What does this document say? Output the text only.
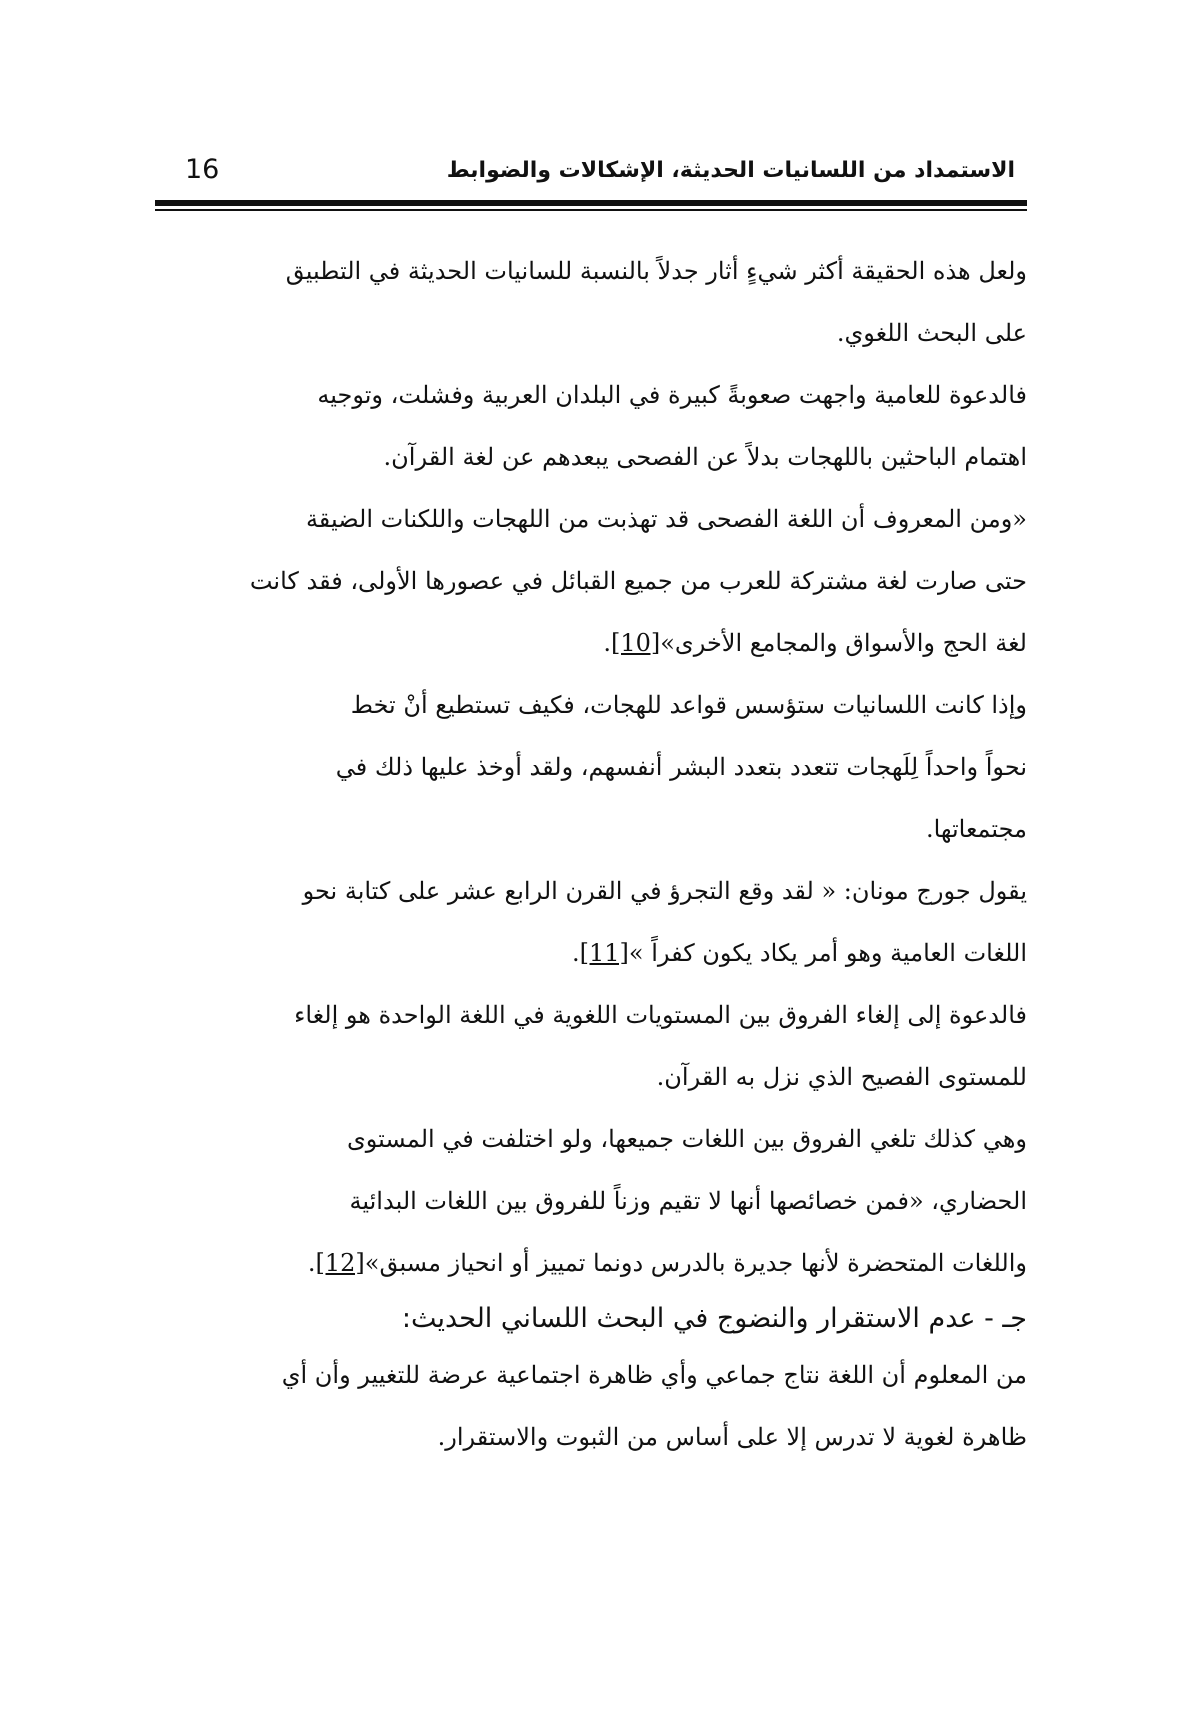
16	الاستمداد من اللسانيات الحديثة، الإشكالات والضوابط

ولعل هذه الحقيقة أكثر شيءٍ أثار جدلاً بالنسبة للسانيات الحديثة في التطبيق
على البحث اللغوي.

فالدعوة للعامية واجهت صعوبةً كبيرة في البلدان العربية وفشلت، وتوجيه
اهتمام الباحثين باللهجات بدلاً عن الفصحى يبعدهم عن لغة القرآن.

«ومن المعروف أن اللغة الفصحى قد تهذبت من اللهجات واللكنات الضيقة
حتى صارت لغة مشتركة للعرب من جميع القبائل في عصورها الأولى، فقد كانت
لغة الحج والأسواق والمجامع الأخرى»[10].

وإذا كانت اللسانيات ستؤسس قواعد للهجات، فكيف تستطيع أنْ تخط
نحواً واحداً لِلَهجات تتعدد بتعدد البشر أنفسهم، ولقد أوخذ عليها ذلك في
مجتمعاتها.

يقول جورج مونان: « لقد وقع التجرؤ في القرن الرابع عشر على كتابة نحو
اللغات العامية وهو أمر يكاد يكون كفراً »[11].

فالدعوة إلى إلغاء الفروق بين المستويات اللغوية في اللغة الواحدة هو إلغاء
للمستوى الفصيح الذي نزل به القرآن.

وهي كذلك تلغي الفروق بين اللغات جميعها، ولو اختلفت في المستوى
الحضاري، «فمن خصائصها أنها لا تقيم وزناً للفروق بين اللغات البدائية
واللغات المتحضرة لأنها جديرة بالدرس دونما تمييز أو انحياز مسبق»[12].

جـ - عدم الاستقرار والنضوج في البحث اللساني الحديث:

من المعلوم أن اللغة نتاج جماعي وأي ظاهرة اجتماعية عرضة للتغيير وأن أي
ظاهرة لغوية لا تدرس إلا على أساس من الثبوت والاستقرار.
